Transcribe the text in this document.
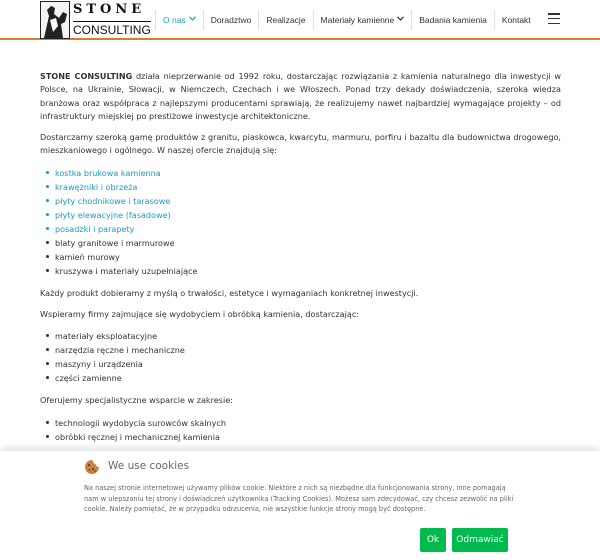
STONE
CONSULTING
O nas	Doradztwo Realizacje Materiały kamienne	Badania kamienia Kontakt

STONE CONSULTING działa nieprzerwanie od 1992 roku, dostarczając rozwiązania z kamienia naturalnego dla inwestycji w Polsce, na Ukrainie, Słowacji, w Niemczech, Czechach i we Włoszech. Ponad trzy dekady doświadczenia, szeroka wiedza branżowa oraz współpraca z najlepszymi producentami sprawiają, że realizujemy nawet najbardziej wymagające projekty – od infrastruktury miejskiej po prestiżowe inwestycje architektoniczne.

Dostarczamy szeroką gamę produktów z granitu, piaskowca, kwarcytu, marmuru, porfiru i bazaltu dla budownictwa drogowego, mieszkaniowego i ogólnego. W naszej ofercie znajdują się:

kostka brukowa kamienna
krawężniki i obrzeża
płyty chodnikowe i tarasowe
płyty elewacyjne (fasadowe)
posadzki i parapety
blaty granitowe i marmurowe
kamień murowy
kruszywa i materiały uzupełniające

Każdy produkt dobieramy z myślą o trwałości, estetyce i wymaganiach konkretnej inwestycji.

Wspieramy firmy zajmujące się wydobyciem i obróbką kamienia, dostarczając:

materiały eksploatacyjne
narzędzia ręczne i mechaniczne
maszyny i urządzenia
części zamienne

Oferujemy specjalistyczne wsparcie w zakresie:

technologii wydobycia surowców skalnych
obróbki ręcznej i mechanicznej kamienia
We use cookies
Na naszej stronie internetowej używamy plików cookie. Niektóre z nich są niezbędne dla funkcjonowania strony, inne pomagają nam w ulepszaniu tej strony i doświadczeń użytkownika (Tracking Cookies). Możesz sam zdecydować, czy chcesz zezwolić na pliki cookie. Należy pamiętać, że w przypadku odrzucenia, nie wszystkie funkcje strony mogą być dostępne.
Ok	Odmawiać
